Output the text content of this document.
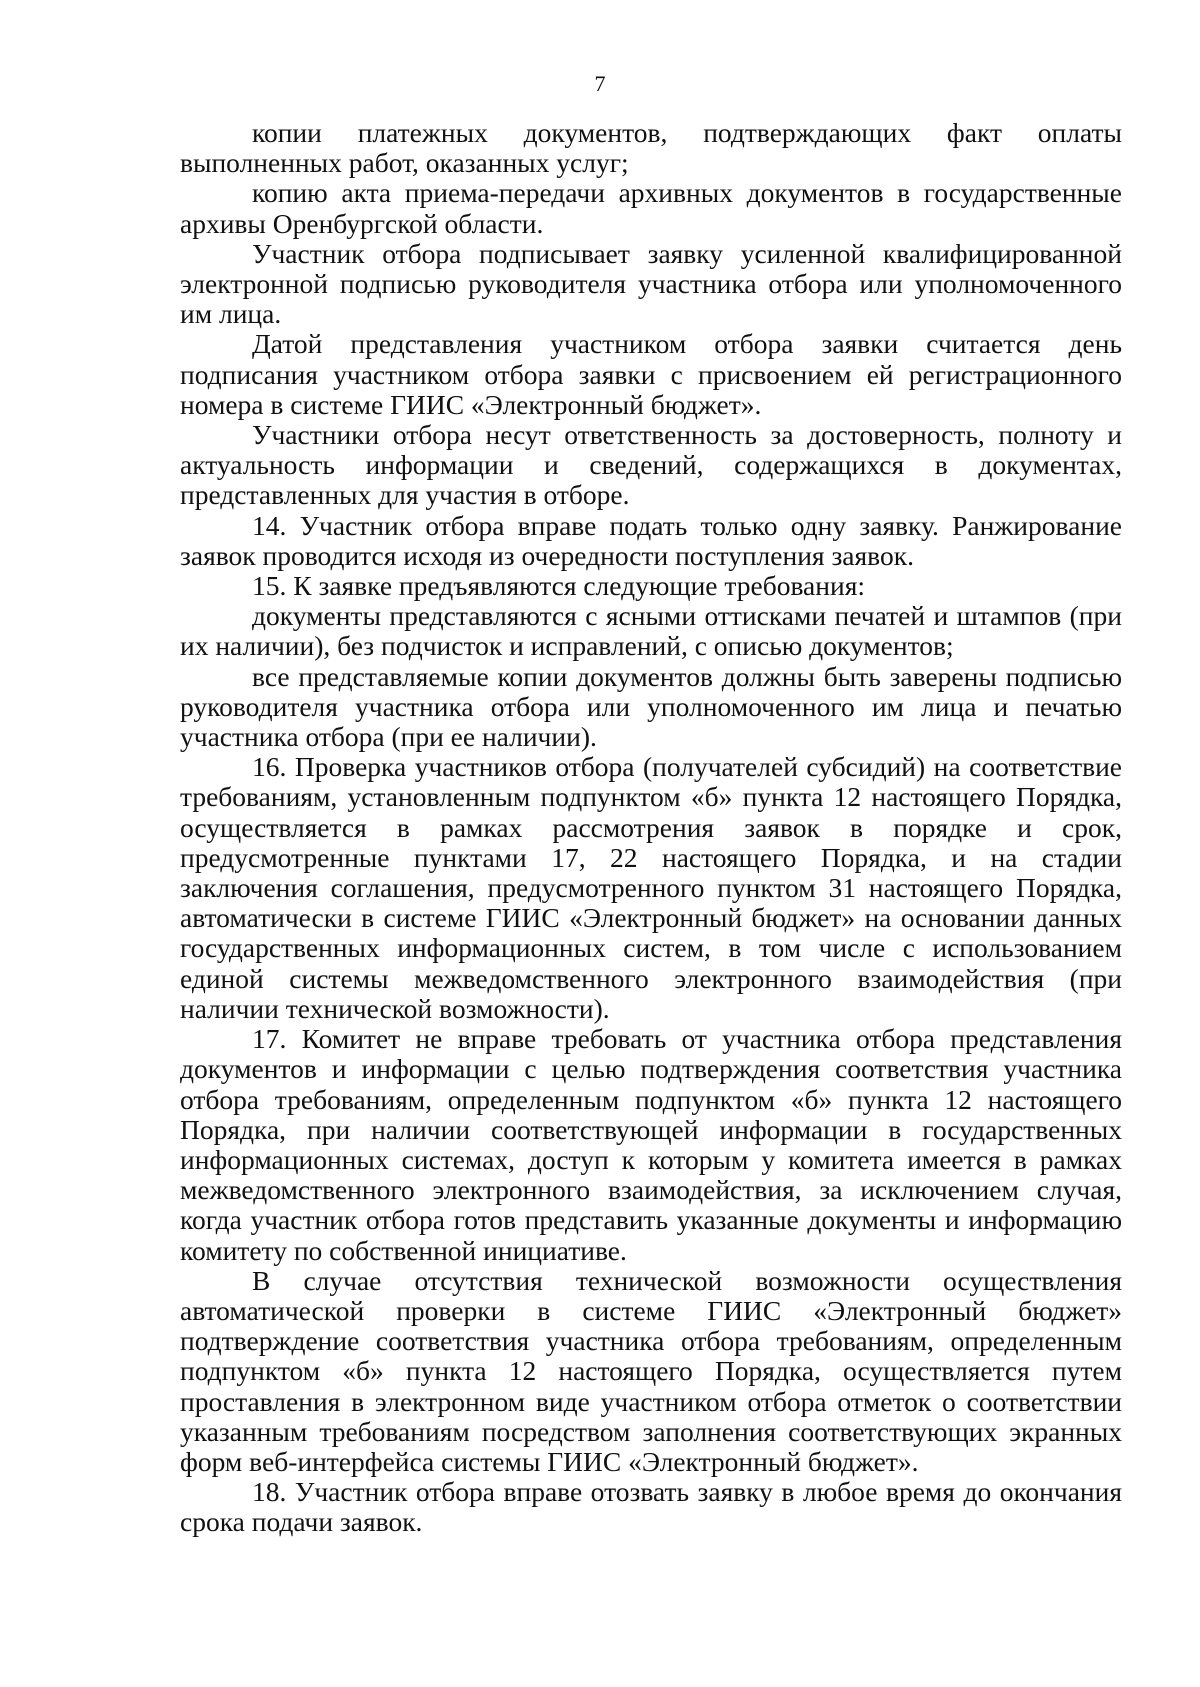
7

копии платежных документов, подтверждающих факт оплаты выполненных работ, оказанных услуг;

копию акта приема-передачи архивных документов в государственные архивы Оренбургской области.

Участник отбора подписывает заявку усиленной квалифицированной электронной подписью руководителя участника отбора или уполномоченного им лица.

Датой представления участником отбора заявки считается день подписания участником отбора заявки с присвоением ей регистрационного номера в системе ГИИС «Электронный бюджет».

Участники отбора несут ответственность за достоверность, полноту и актуальность информации и сведений, содержащихся в документах, представленных для участия в отборе.

14. Участник отбора вправе подать только одну заявку. Ранжирование заявок проводится исходя из очередности поступления заявок.

15. К заявке предъявляются следующие требования:

документы представляются с ясными оттисками печатей и штампов (при их наличии), без подчисток и исправлений, с описью документов;

все представляемые копии документов должны быть заверены подписью руководителя участника отбора или уполномоченного им лица и печатью участника отбора (при ее наличии).

16. Проверка участников отбора (получателей субсидий) на соответствие требованиям, установленным подпунктом «б» пункта 12 настоящего Порядка, осуществляется в рамках рассмотрения заявок в порядке и срок, предусмотренные пунктами 17, 22 настоящего Порядка, и на стадии заключения соглашения, предусмотренного пунктом 31 настоящего Порядка, автоматически в системе ГИИС «Электронный бюджет» на основании данных государственных информационных систем, в том числе с использованием единой системы межведомственного электронного взаимодействия (при наличии технической возможности).

17. Комитет не вправе требовать от участника отбора представления документов и информации с целью подтверждения соответствия участника отбора требованиям, определенным подпунктом «б» пункта 12 настоящего Порядка, при наличии соответствующей информации в государственных информационных системах, доступ к которым у комитета имеется в рамках межведомственного электронного взаимодействия, за исключением случая, когда участник отбора готов представить указанные документы и информацию комитету по собственной инициативе.

В случае отсутствия технической возможности осуществления автоматической проверки в системе ГИИС «Электронный бюджет» подтверждение соответствия участника отбора требованиям, определенным подпунктом «б» пункта 12 настоящего Порядка, осуществляется путем проставления в электронном виде участником отбора отметок о соответствии указанным требованиям посредством заполнения соответствующих экранных форм веб-интерфейса системы ГИИС «Электронный бюджет».

18. Участник отбора вправе отозвать заявку в любое время до окончания срока подачи заявок.
